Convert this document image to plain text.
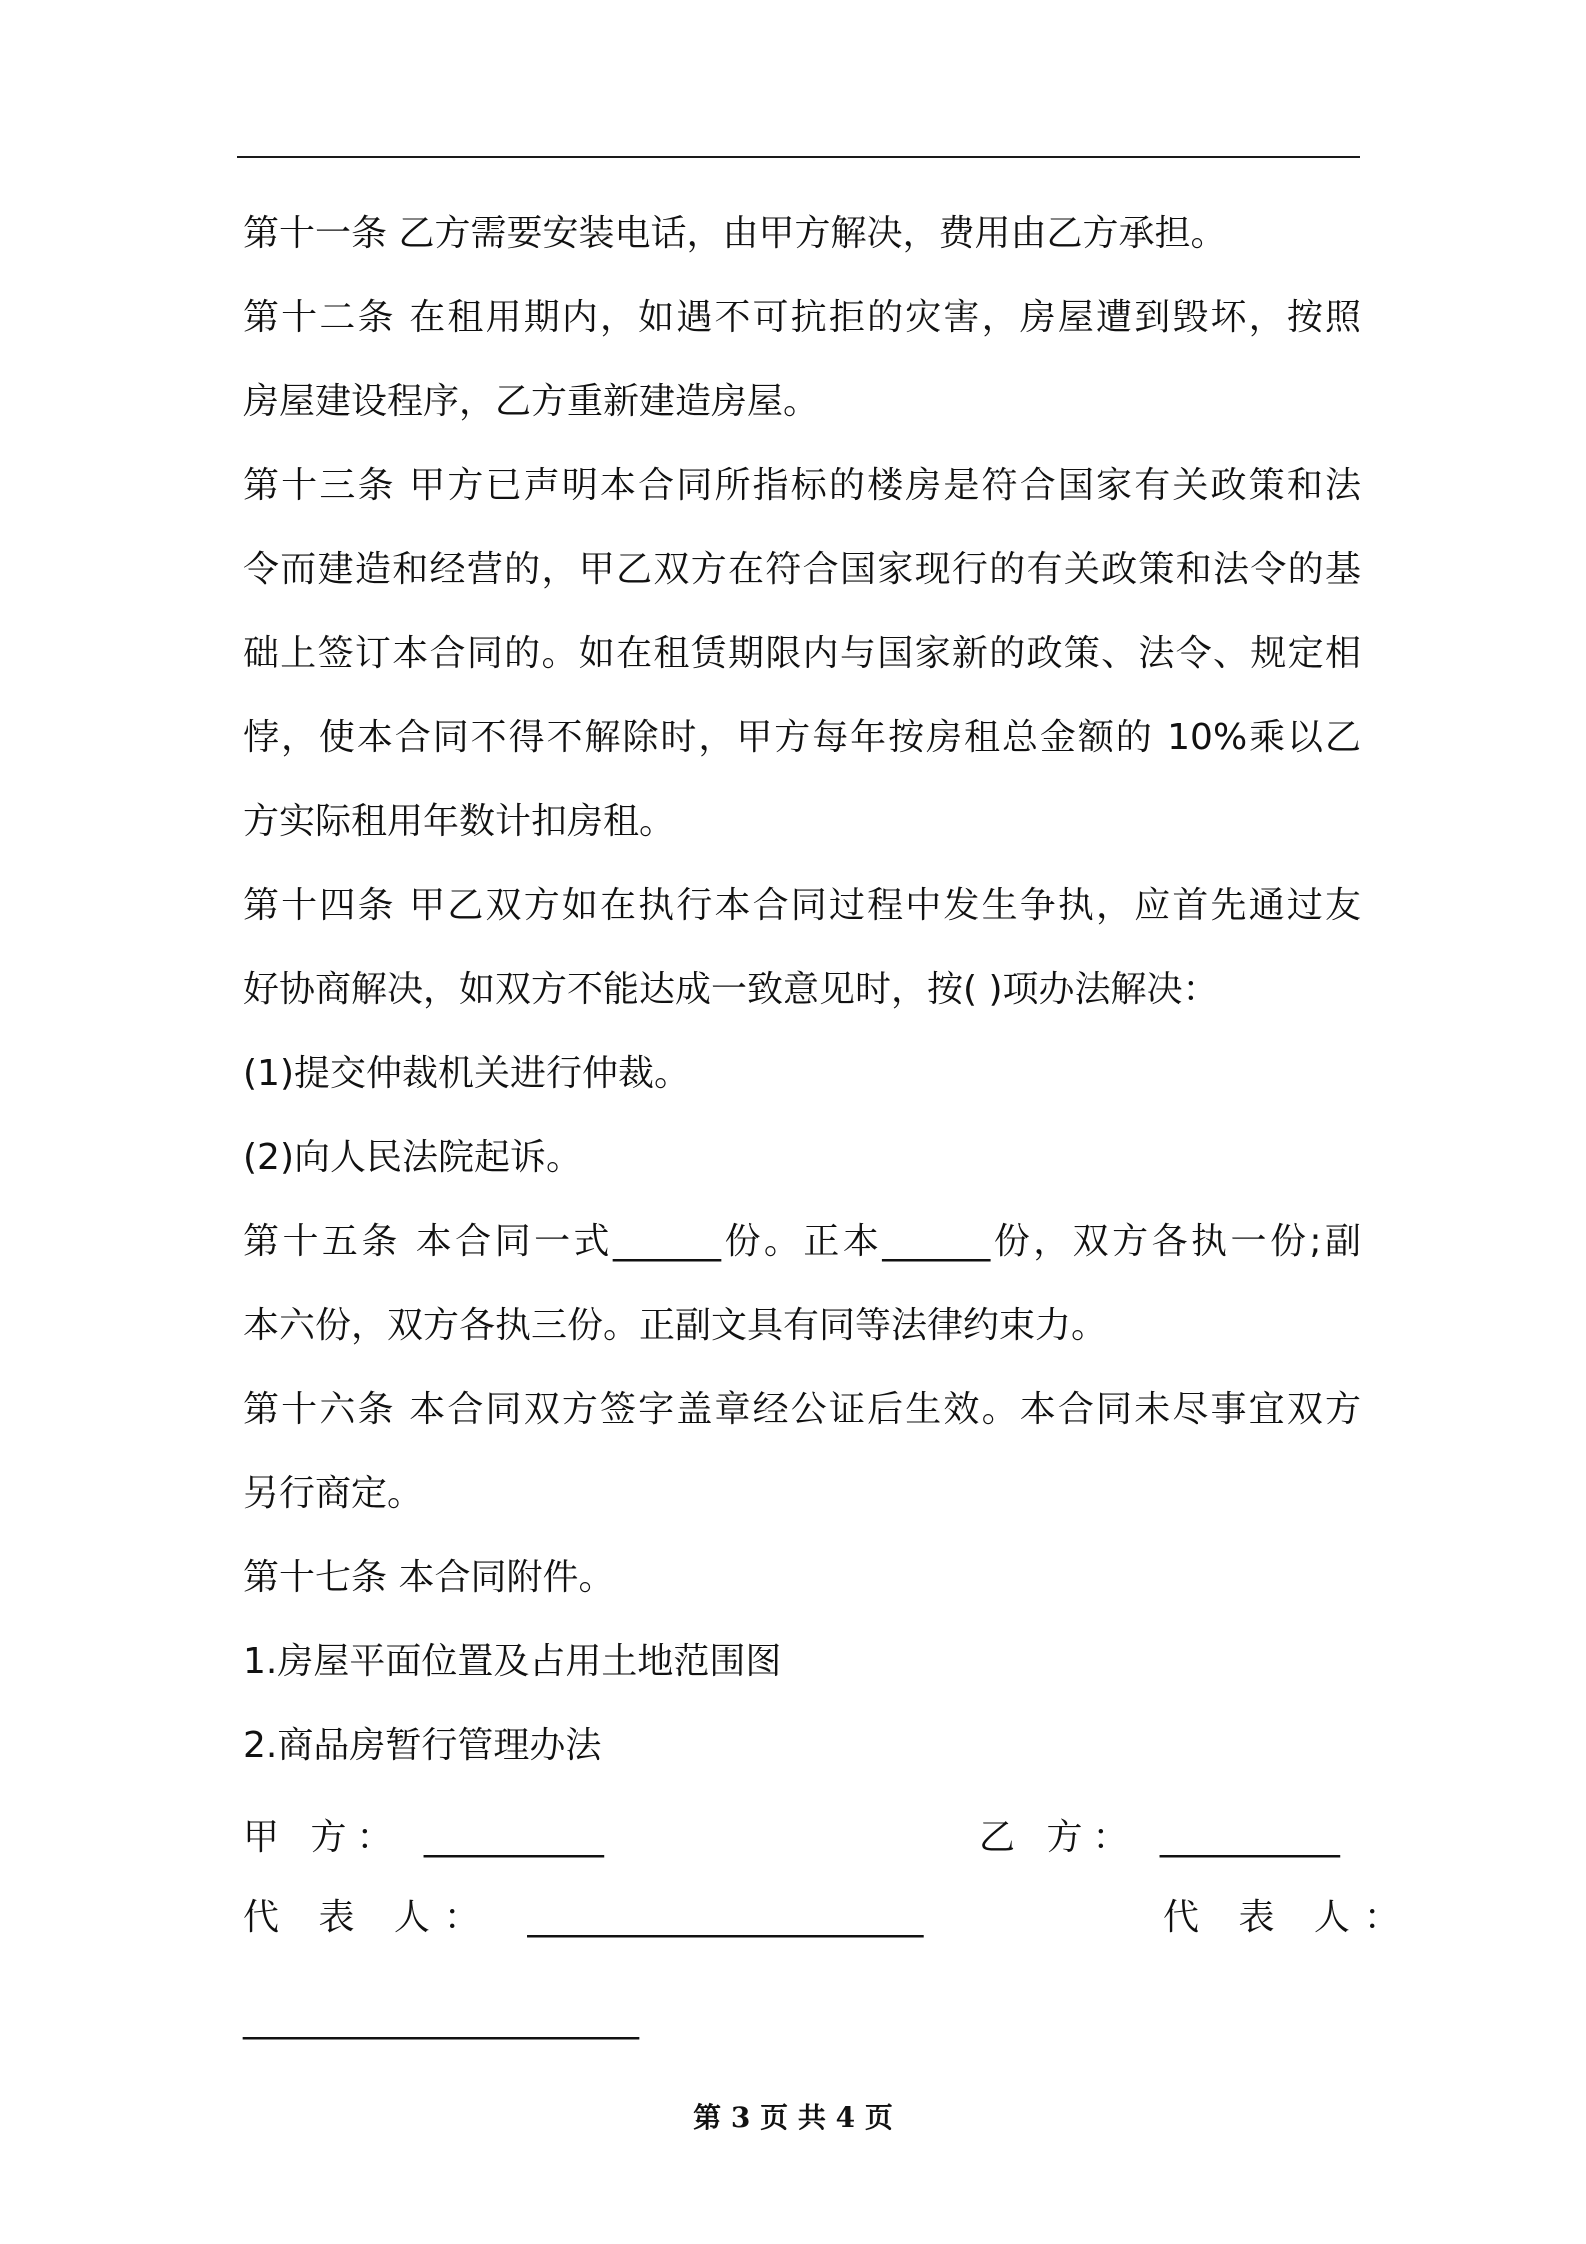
第十一条 乙方需要安装电话，由甲方解决，费用由乙方承担。
第十二条 在租用期内，如遇不可抗拒的灾害，房屋遭到毁坏，按照
房屋建设程序，乙方重新建造房屋。
第十三条 甲方已声明本合同所指标的楼房是符合国家有关政策和法
令而建造和经营的，甲乙双方在符合国家现行的有关政策和法令的基
础上签订本合同的。如在租赁期限内与国家新的政策、法令、规定相
悖，使本合同不得不解除时，甲方每年按房租总金额的 10%乘以乙
方实际租用年数计扣房租。
第十四条 甲乙双方如在执行本合同过程中发生争执，应首先通过友
好协商解决，如双方不能达成一致意见时，按( )项办法解决：
(1)提交仲裁机关进行仲裁。
(2)向人民法院起诉。
第十五条 本合同一式______份。正本______份，双方各执一份;副
本六份，双方各执三份。正副文具有同等法律约束力。
第十六条 本合同双方签字盖章经公证后生效。本合同未尽事宜双方
另行商定。
第十七条 本合同附件。
1.房屋平面位置及占用土地范围图
2.商品房暂行管理办法
甲 方： __________	乙 方： __________
代 表 人： ______________________	代 表 人：
______________________
第 3 页 共 4 页
